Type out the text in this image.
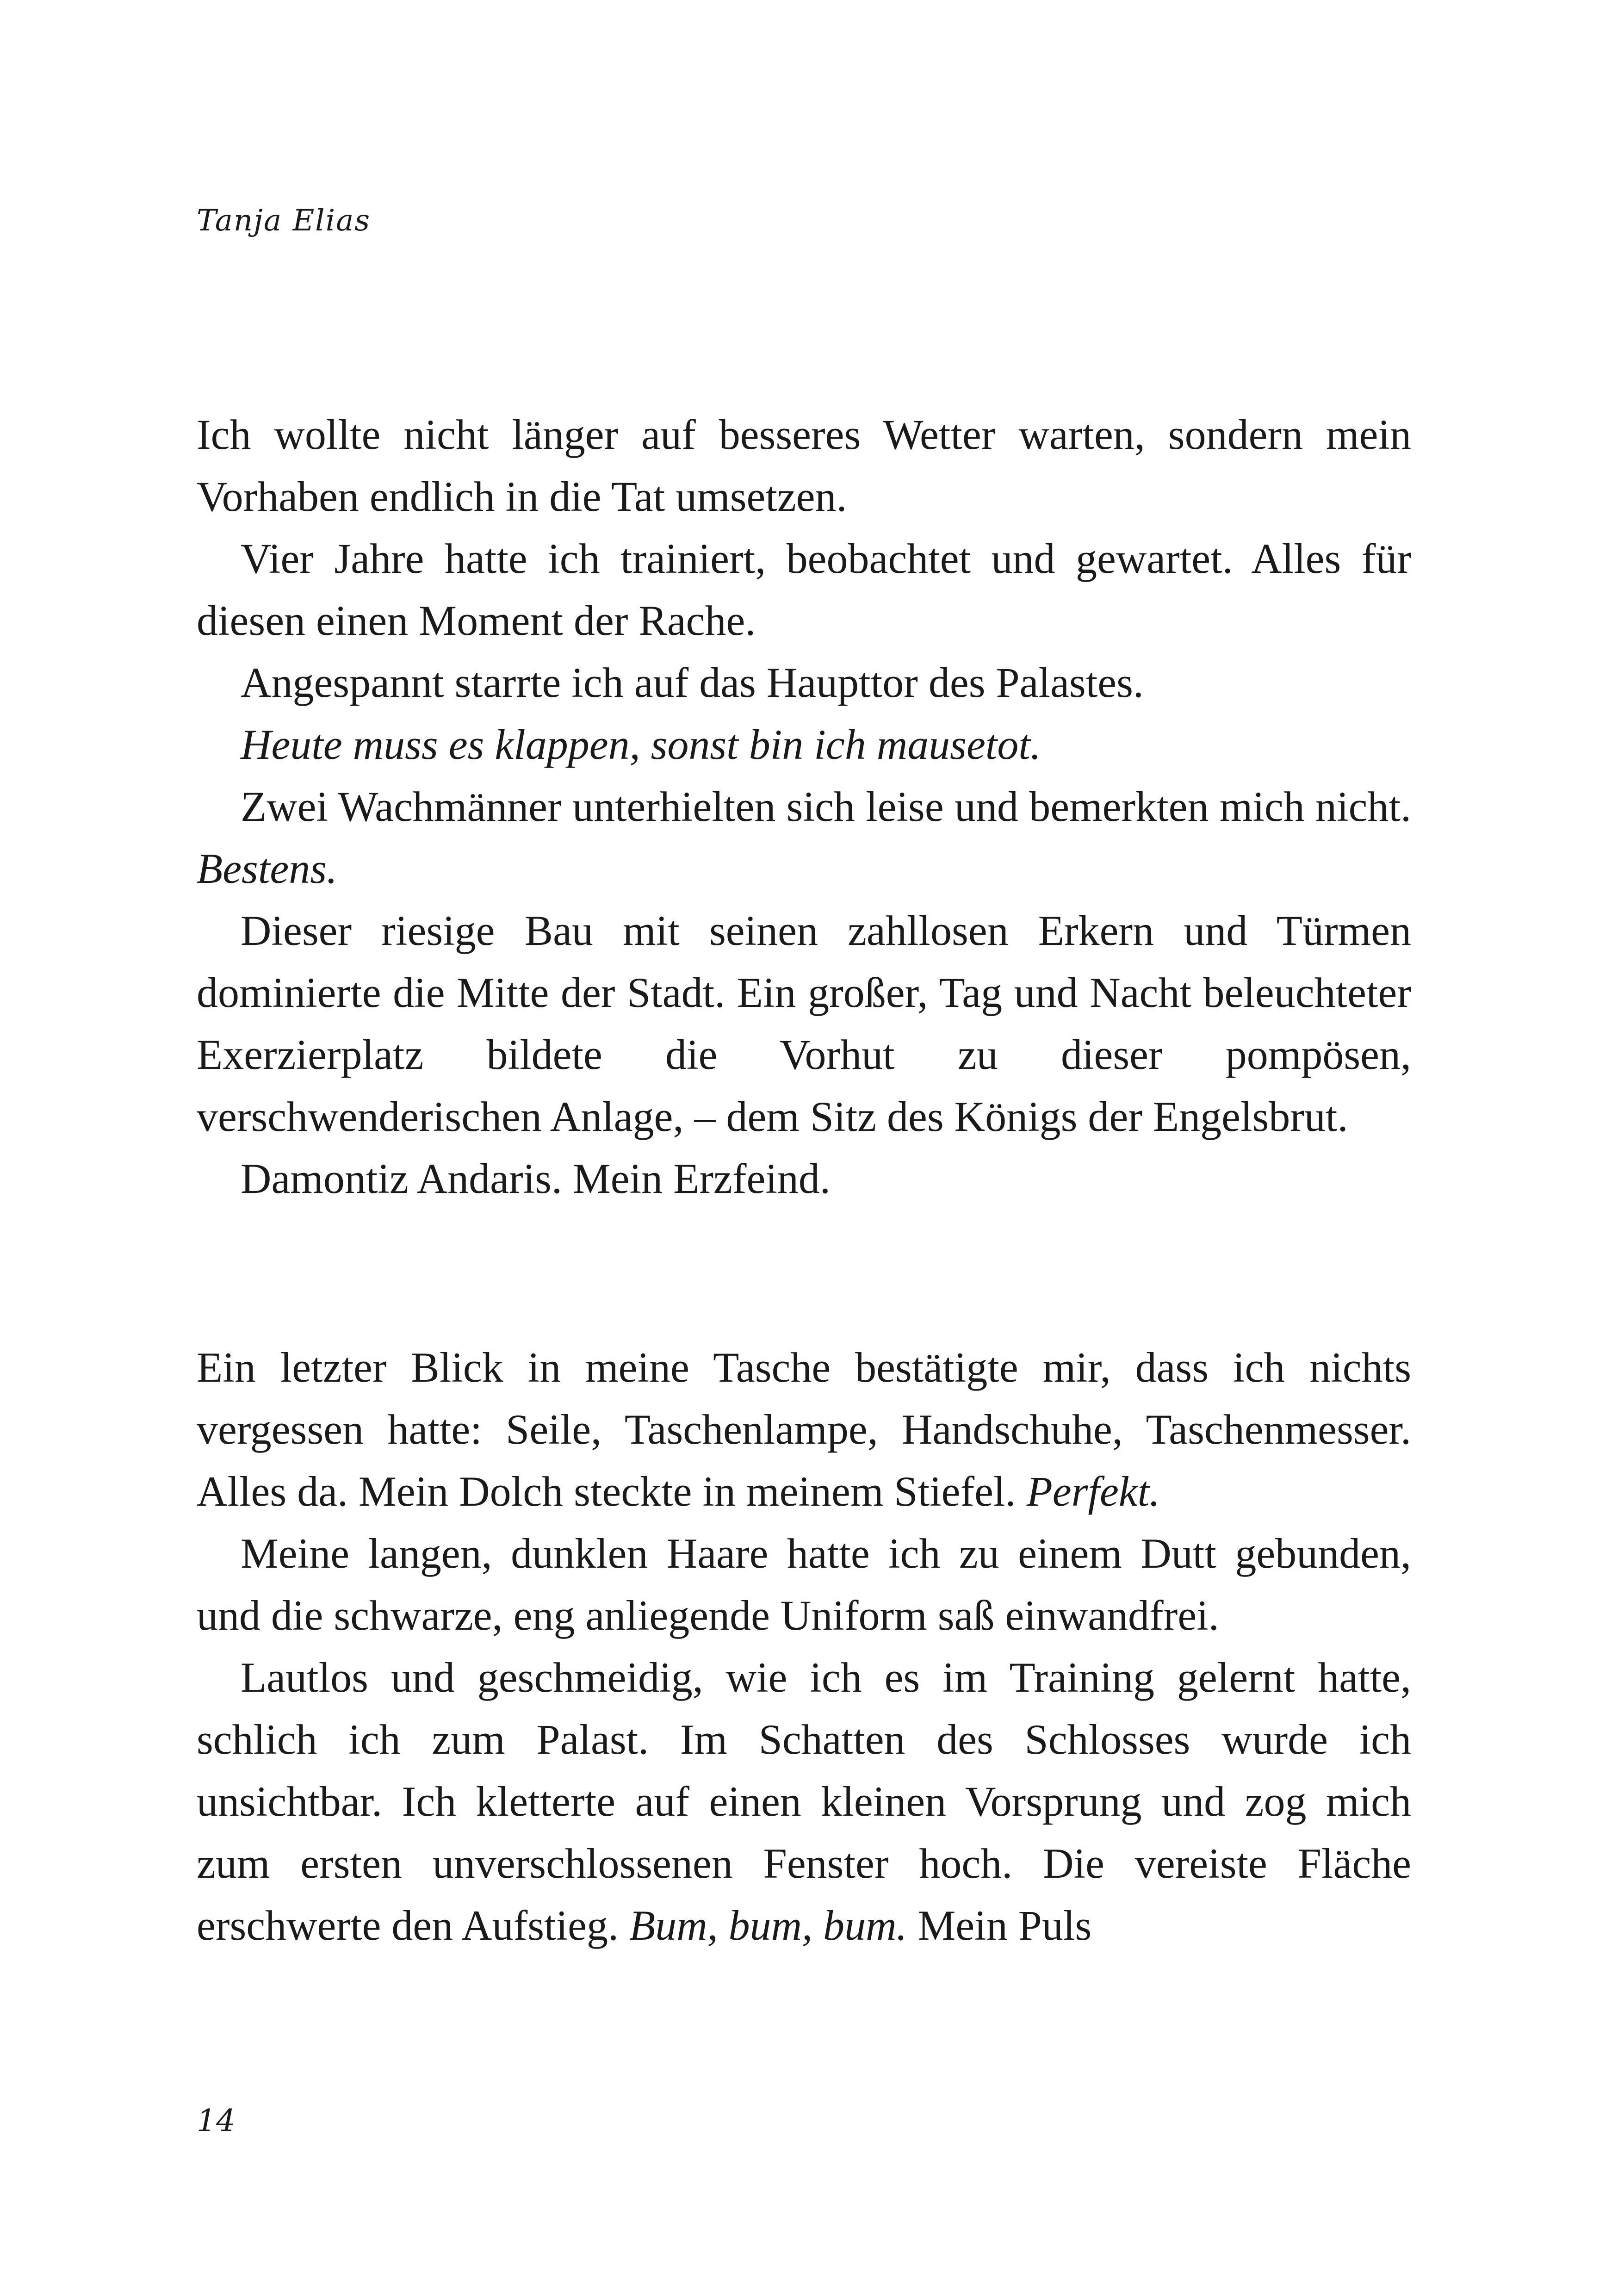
Tanja Elias

Ich wollte nicht länger auf besseres Wetter warten, sondern mein Vorhaben endlich in die Tat umsetzen.

Vier Jahre hatte ich trainiert, beobachtet und gewartet. Alles für diesen einen Moment der Rache.

Angespannt starrte ich auf das Haupttor des Palastes.

Heute muss es klappen, sonst bin ich mausetot.

Zwei Wachmänner unterhielten sich leise und bemerkten mich nicht. Bestens.

Dieser riesige Bau mit seinen zahllosen Erkern und Türmen dominierte die Mitte der Stadt. Ein großer, Tag und Nacht beleuchteter Exerzierplatz bildete die Vorhut zu dieser pompösen, verschwenderischen Anlage, – dem Sitz des Königs der Engelsbrut.

Damontiz Andaris. Mein Erzfeind.

Ein letzter Blick in meine Tasche bestätigte mir, dass ich nichts vergessen hatte: Seile, Taschenlampe, Handschuhe, Taschenmesser. Alles da. Mein Dolch steckte in meinem Stiefel. Perfekt.

Meine langen, dunklen Haare hatte ich zu einem Dutt gebunden, und die schwarze, eng anliegende Uniform saß einwandfrei.

Lautlos und geschmeidig, wie ich es im Training gelernt hatte, schlich ich zum Palast. Im Schatten des Schlosses wurde ich unsichtbar. Ich kletterte auf einen kleinen Vorsprung und zog mich zum ersten unverschlossenen Fenster hoch. Die vereiste Fläche erschwerte den Aufstieg. Bum, bum, bum. Mein Puls

14
